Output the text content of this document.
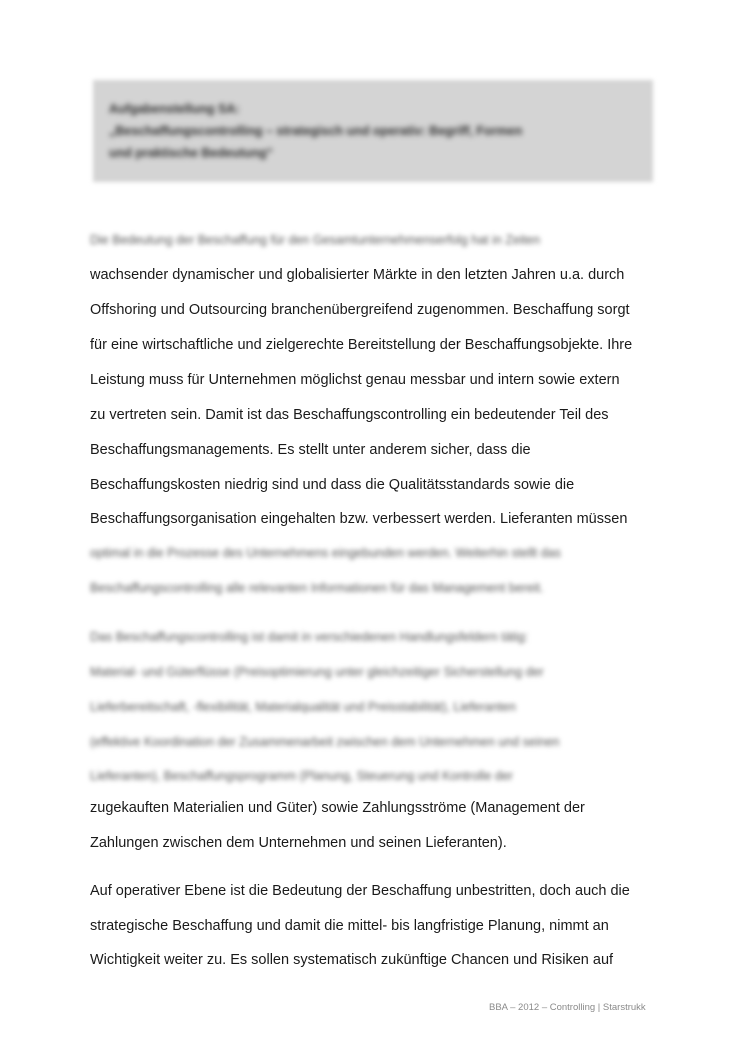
Aufgabenstellung SA:
„Beschaffungscontrolling – strategisch und operativ: Begriff, Formen
und praktische Bedeutung“
Die Bedeutung der Beschaffung für den Gesamtunternehmenserfolg hat in Zeiten
wachsender dynamischer und globalisierter Märkte in den letzten Jahren u.a. durch
Offshoring und Outsourcing branchenübergreifend zugenommen. Beschaffung sorgt
für eine wirtschaftliche und zielgerechte Bereitstellung der Beschaffungsobjekte. Ihre
Leistung muss für Unternehmen möglichst genau messbar und intern sowie extern
zu vertreten sein. Damit ist das Beschaffungscontrolling ein bedeutender Teil des
Beschaffungsmanagements. Es stellt unter anderem sicher, dass die
Beschaffungskosten niedrig sind und dass die Qualitätsstandards sowie die
Beschaffungsorganisation eingehalten bzw. verbessert werden. Lieferanten müssen
optimal in die Prozesse des Unternehmens eingebunden werden. Weiterhin stellt das
Beschaffungscontrolling alle relevanten Informationen für das Management bereit.
Das Beschaffungscontrolling ist damit in verschiedenen Handlungsfeldern tätig:
Material- und Güterflüsse (Preisoptimierung unter gleichzeitiger Sicherstellung der
Lieferbereitschaft, -flexibilität, Materialqualität und Preisstabilität), Lieferanten
(effektive Koordination der Zusammenarbeit zwischen dem Unternehmen und seinen
Lieferanten), Beschaffungsprogramm (Planung, Steuerung und Kontrolle der
zugekauften Materialien und Güter) sowie Zahlungsströme (Management der
Zahlungen zwischen dem Unternehmen und seinen Lieferanten).
Auf operativer Ebene ist die Bedeutung der Beschaffung unbestritten, doch auch die
strategische Beschaffung und damit die mittel- bis langfristige Planung, nimmt an
Wichtigkeit weiter zu. Es sollen systematisch zukünftige Chancen und Risiken auf
BBA – 2012 – Controlling | Starstrukk
